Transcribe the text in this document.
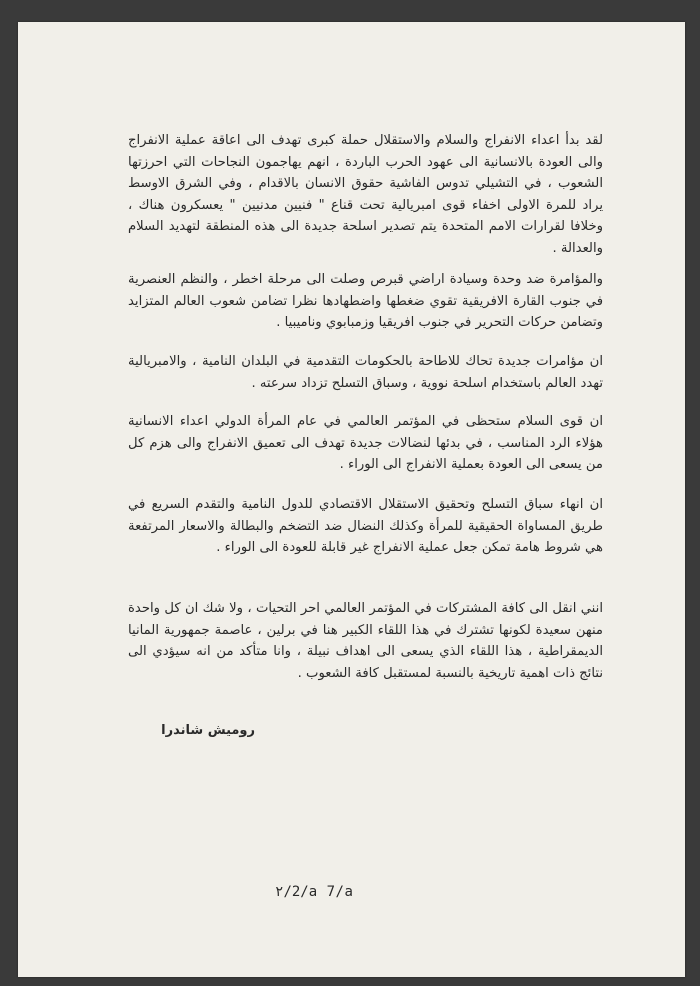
لقد بدأ اعداء الانفراج والسلام والاستقلال حملة كبرى تهدف الى اعاقة عملية الانفراج والى العودة بالانسانية الى عهود الحرب الباردة ، انهم يهاجمون النجاحات التي احرزتها الشعوب ، في التشيلي تدوس الفاشية حقوق الانسان بالاقدام ، وفي الشرق الاوسط يراد للمرة الاولى اخفاء قوى امبريالية تحت قناع " فنيين مدنيين " يعسكرون هناك ، وخلافا لقرارات الامم المتحدة يتم تصدير اسلحة جديدة الى هذه المنطقة لتهديد السلام والعدالة .

والمؤامرة ضد وحدة وسيادة اراضي قبرص وصلت الى مرحلة اخطر ، والنظم العنصرية في جنوب القارة الافريقية تقوي ضغطها واضطهادها نظرا تضامن شعوب العالم المتزايد وتضامن حركات التحرير في جنوب افريقيا وزمبابوي وناميبيا .

ان مؤامرات جديدة تحاك للاطاحة بالحكومات التقدمية في البلدان النامية ، والامبريالية تهدد العالم باستخدام اسلحة نووية ، وسباق التسلح تزداد سرعته .

ان قوى السلام ستحظى في المؤتمر العالمي في عام المرأة الدولي اعداء الانسانية هؤلاء الرد المناسب ، في بدئها لنضالات جديدة تهدف الى تعميق الانفراج والى هزم كل من يسعى الى العودة بعملية الانفراج الى الوراء .

ان انهاء سباق التسلح وتحقيق الاستقلال الاقتصادي للدول النامية والتقدم السريع في طريق المساواة الحقيقية للمرأة وكذلك النضال ضد التضخم والبطالة والاسعار المرتفعة هي شروط هامة تمكن جعل عملية الانفراج غير قابلة للعودة الى الوراء .

انني انقل الى كافة المشتركات في المؤتمر العالمي احر التحيات ، ولا شك ان كل واحدة منهن سعيدة لكونها تشترك في هذا اللقاء الكبير هنا في برلين ، عاصمة جمهورية المانيا الديمقراطية ، هذا اللقاء الذي يسعى الى اهداف نبيلة ، وانا متأكد من انه سيؤدي الى نتائج ذات اهمية تاريخية بالنسبة لمستقبل كافة الشعوب .

روميش شاندرا
٢/2/a 7/a
